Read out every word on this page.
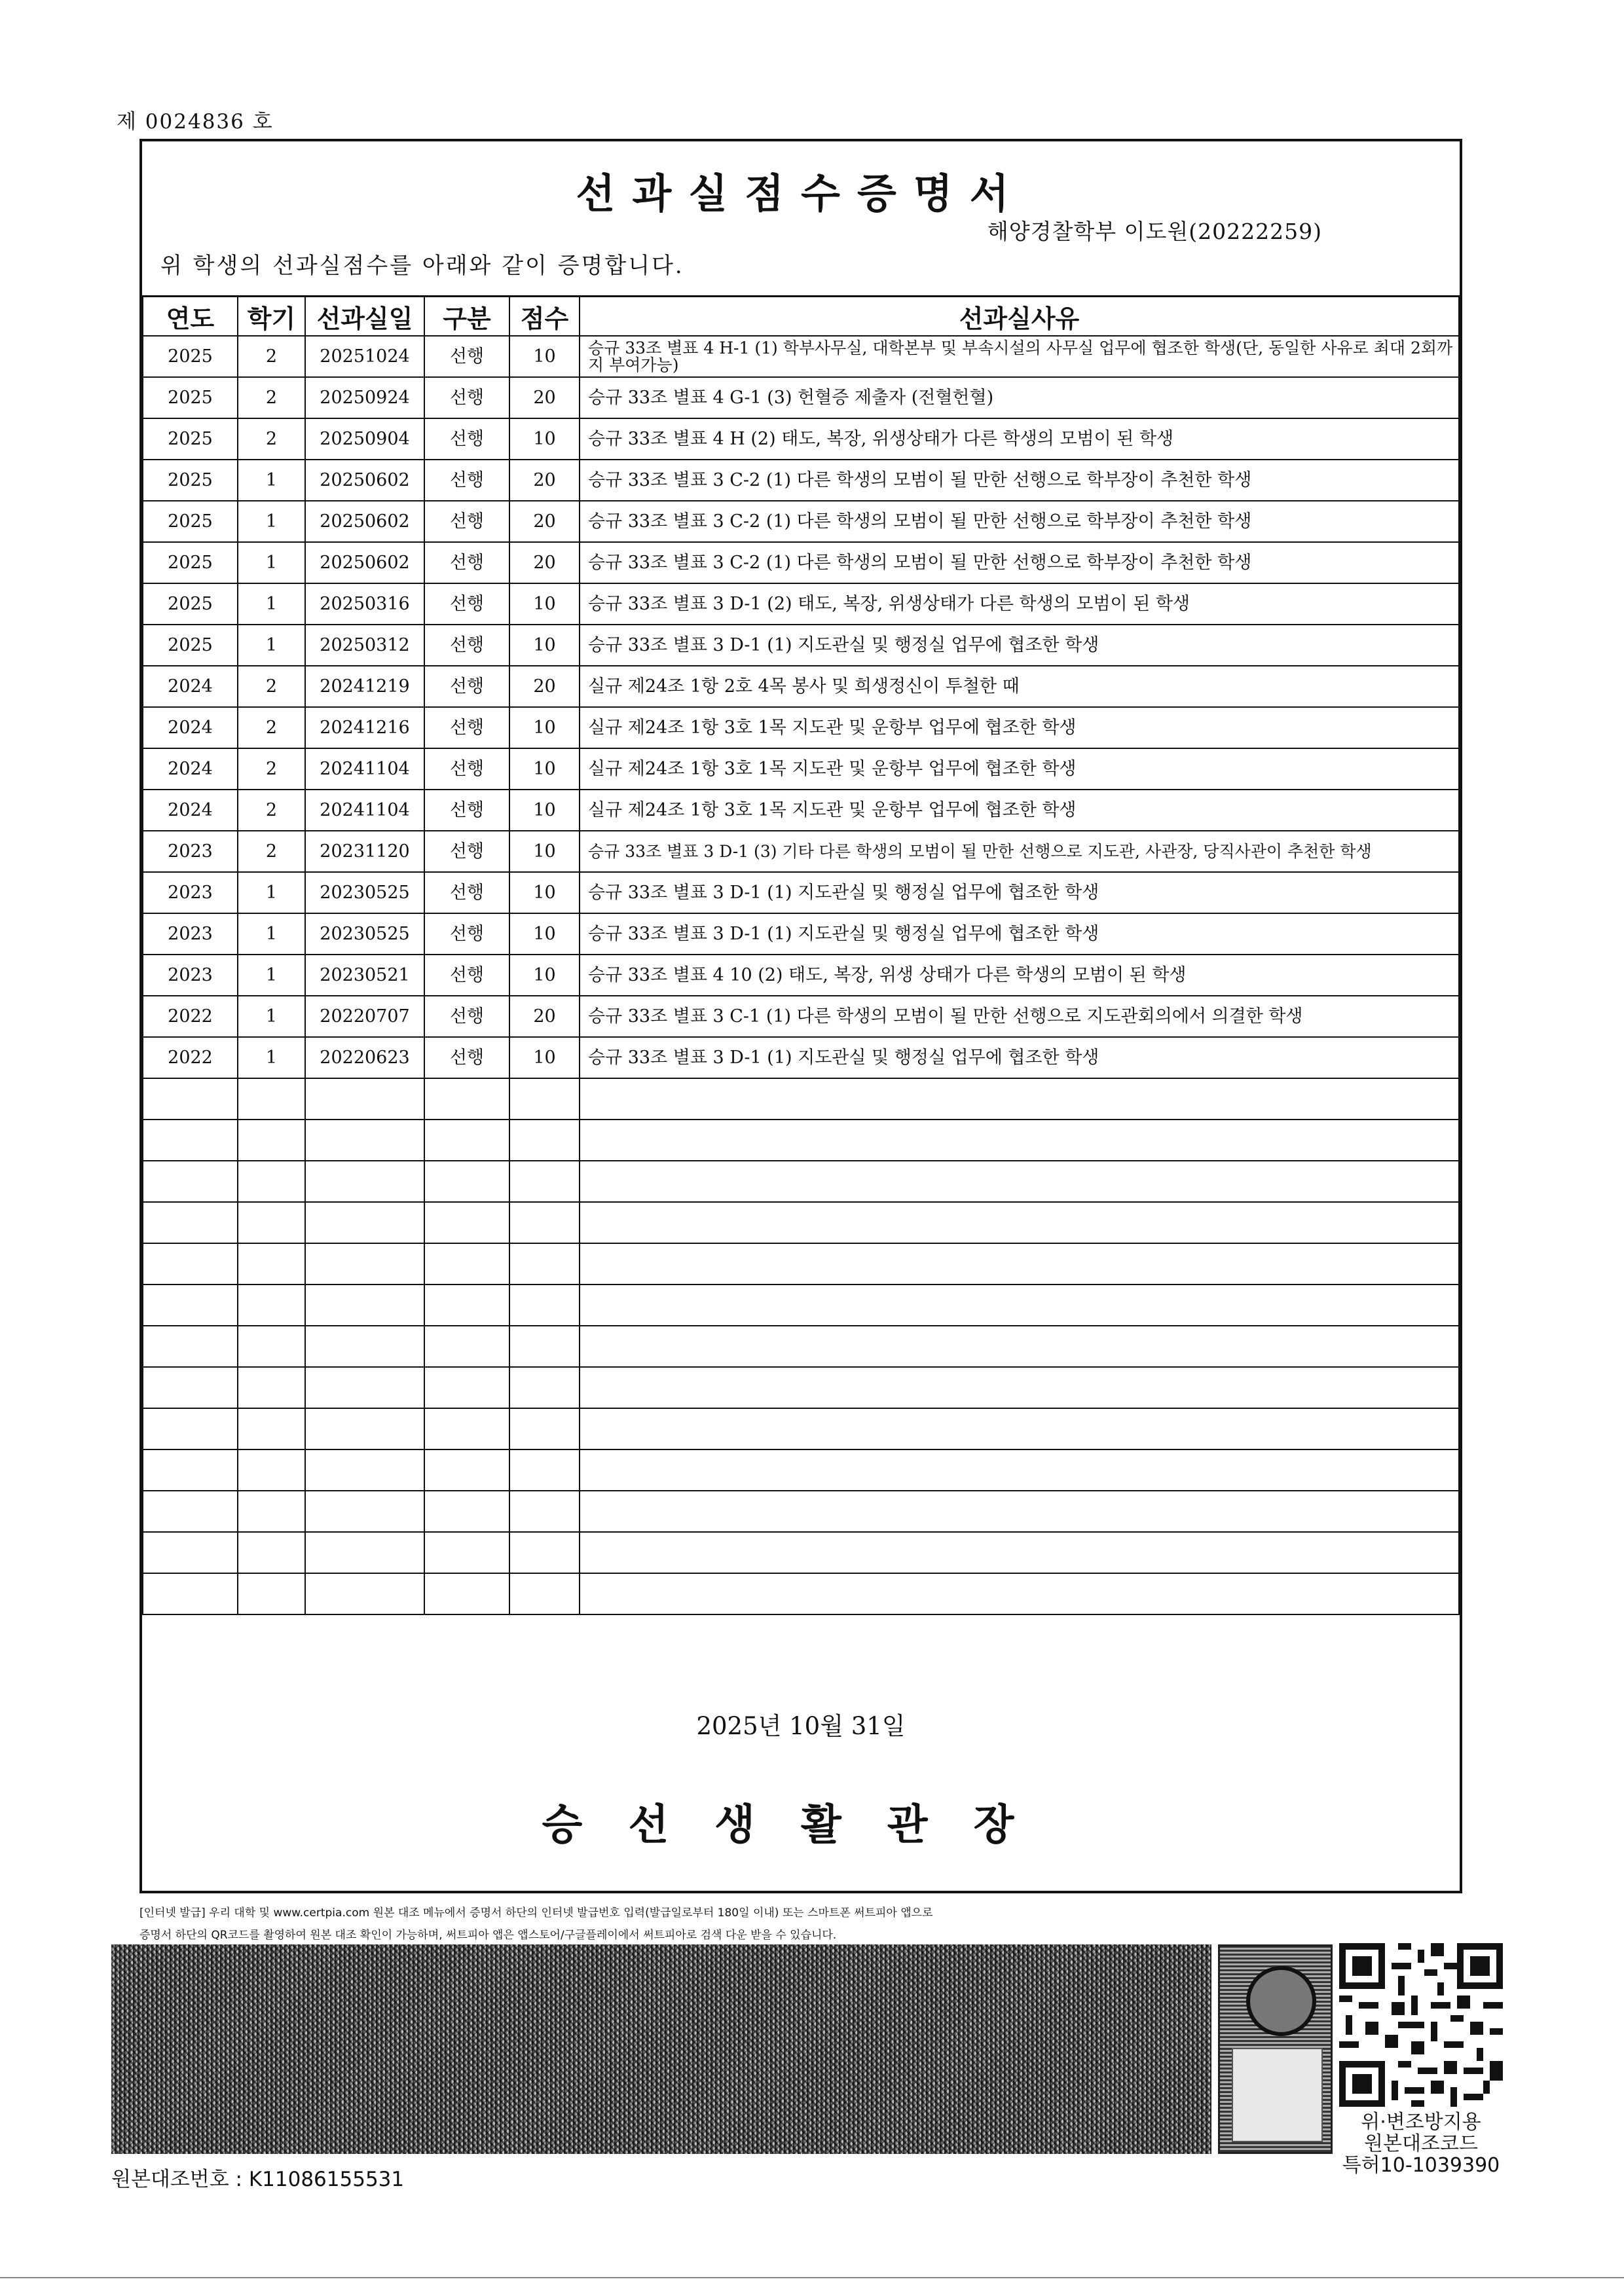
제 0024836 호
선과실점수증명서
해양경찰학부 이도원(20222259)
위 학생의 선과실점수를 아래와 같이 증명합니다.
연도	학기	선과실일	구분	점수	선과실사유
2025	2	20251024	선행	10	승규 33조 별표 4 H-1 (1) 학부사무실, 대학본부 및 부속시설의 사무실 업무에 협조한 학생(단, 동일한 사유로 최대 2회까지 부여가능)
2025	2	20250924	선행	20	승규 33조 별표 4 G-1 (3) 헌혈증 제출자 (전혈헌혈)
2025	2	20250904	선행	10	승규 33조 별표 4 H (2) 태도, 복장, 위생상태가 다른 학생의 모범이 된 학생
2025	1	20250602	선행	20	승규 33조 별표 3 C-2 (1) 다른 학생의 모범이 될 만한 선행으로 학부장이 추천한 학생
2025	1	20250602	선행	20	승규 33조 별표 3 C-2 (1) 다른 학생의 모범이 될 만한 선행으로 학부장이 추천한 학생
2025	1	20250602	선행	20	승규 33조 별표 3 C-2 (1) 다른 학생의 모범이 될 만한 선행으로 학부장이 추천한 학생
2025	1	20250316	선행	10	승규 33조 별표 3 D-1 (2) 태도, 복장, 위생상태가 다른 학생의 모범이 된 학생
2025	1	20250312	선행	10	승규 33조 별표 3 D-1 (1) 지도관실 및 행정실 업무에 협조한 학생
2024	2	20241219	선행	20	실규 제24조 1항 2호 4목 봉사 및 희생정신이 투철한 때
2024	2	20241216	선행	10	실규 제24조 1항 3호 1목 지도관 및 운항부 업무에 협조한 학생
2024	2	20241104	선행	10	실규 제24조 1항 3호 1목 지도관 및 운항부 업무에 협조한 학생
2024	2	20241104	선행	10	실규 제24조 1항 3호 1목 지도관 및 운항부 업무에 협조한 학생
2023	2	20231120	선행	10	승규 33조 별표 3 D-1 (3) 기타 다른 학생의 모범이 될 만한 선행으로 지도관, 사관장, 당직사관이 추천한 학생
2023	1	20230525	선행	10	승규 33조 별표 3 D-1 (1) 지도관실 및 행정실 업무에 협조한 학생
2023	1	20230525	선행	10	승규 33조 별표 3 D-1 (1) 지도관실 및 행정실 업무에 협조한 학생
2023	1	20230521	선행	10	승규 33조 별표 4 10 (2) 태도, 복장, 위생 상태가 다른 학생의 모범이 된 학생
2022	1	20220707	선행	20	승규 33조 별표 3 C-1 (1) 다른 학생의 모범이 될 만한 선행으로 지도관회의에서 의결한 학생
2022	1	20220623	선행	10	승규 33조 별표 3 D-1 (1) 지도관실 및 행정실 업무에 협조한 학생

2025년 10월 31일
승선생활관장
[인터넷 발급] 우리 대학 및 www.certpia.com 원본 대조 메뉴에서 증명서 하단의 인터넷 발급번호 입력(발급일로부터 180일 이내) 또는 스마트폰 써트피아 앱으로
증명서 하단의 QR코드를 촬영하여 원본 대조 확인이 가능하며, 써트피아 앱은 앱스토어/구글플레이에서 써트피아로 검색 다운 받을 수 있습니다.
위·변조방지용
원본대조코드
특허10-1039390
원본대조번호 : K11086155531
